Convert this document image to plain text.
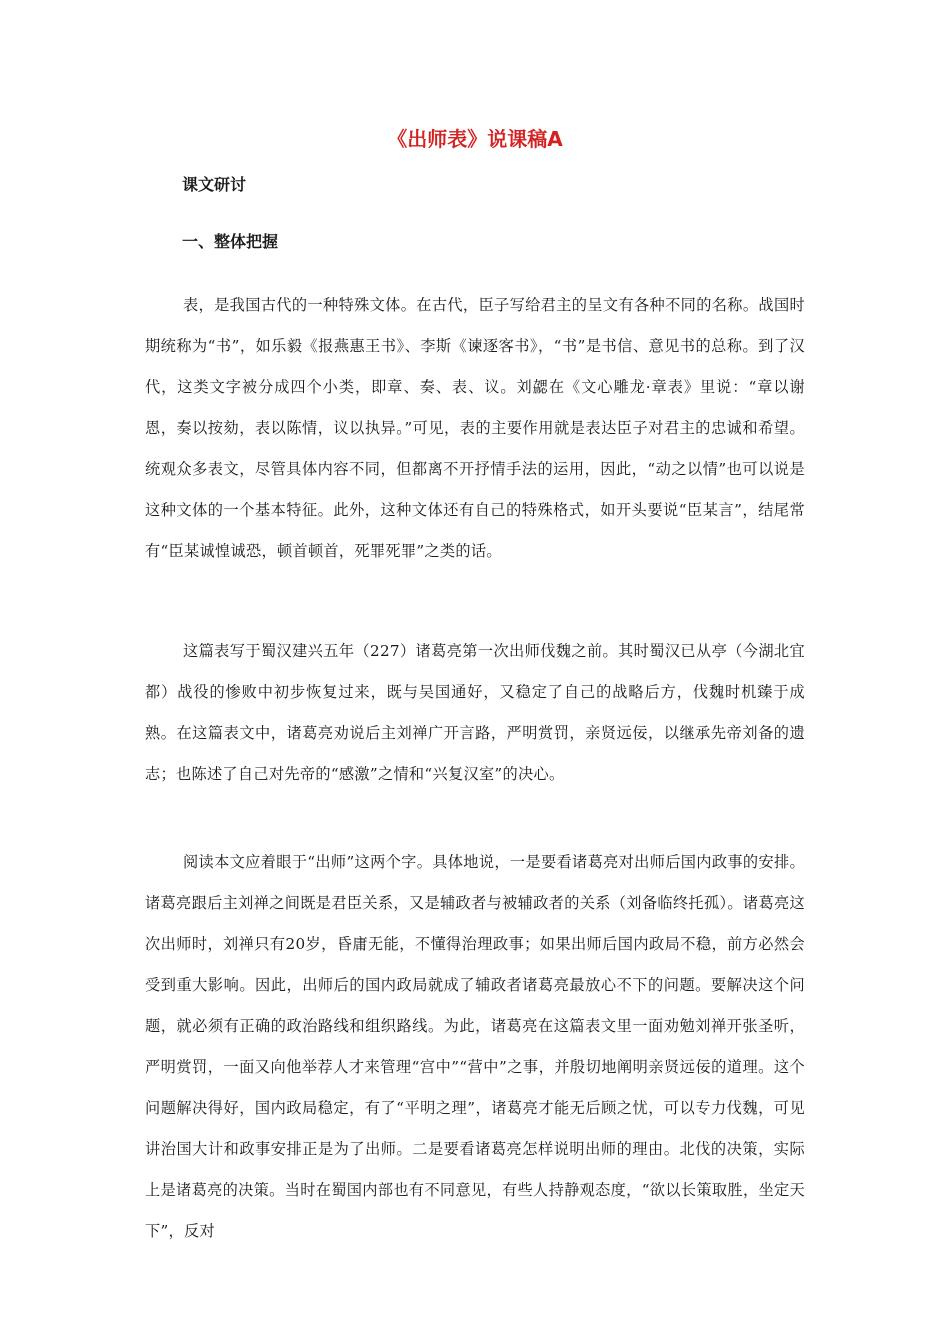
《出师表》说课稿A
课文研讨
一、整体把握

表，是我国古代的一种特殊文体。在古代，臣子写给君主的呈文有各种不同的名称。战国时期统称为“书”，如乐毅《报燕惠王书》、李斯《谏逐客书》，“书”是书信、意见书的总称。到了汉代，这类文字被分成四个小类，即章、奏、表、议。刘勰在《文心雕龙·章表》里说：“章以谢恩，奏以按劾，表以陈情，议以执异。”可见，表的主要作用就是表达臣子对君主的忠诚和希望。统观众多表文，尽管具体内容不同，但都离不开抒情手法的运用，因此，“动之以情”也可以说是这种文体的一个基本特征。此外，这种文体还有自己的特殊格式，如开头要说“臣某言”，结尾常有“臣某诚惶诚恐，顿首顿首，死罪死罪”之类的话。

这篇表写于蜀汉建兴五年（227）诸葛亮第一次出师伐魏之前。其时蜀汉已从亭（今湖北宜都）战役的惨败中初步恢复过来，既与吴国通好，又稳定了自己的战略后方，伐魏时机臻于成熟。在这篇表文中，诸葛亮劝说后主刘禅广开言路，严明赏罚，亲贤远佞，以继承先帝刘备的遗志；也陈述了自己对先帝的“感激”之情和“兴复汉室”的决心。

阅读本文应着眼于“出师”这两个字。具体地说，一是要看诸葛亮对出师后国内政事的安排。诸葛亮跟后主刘禅之间既是君臣关系，又是辅政者与被辅政者的关系（刘备临终托孤）。诸葛亮这次出师时，刘禅只有20岁，昏庸无能，不懂得治理政事；如果出师后国内政局不稳，前方必然会受到重大影响。因此，出师后的国内政局就成了辅政者诸葛亮最放心不下的问题。要解决这个问题，就必须有正确的政治路线和组织路线。为此，诸葛亮在这篇表文里一面劝勉刘禅开张圣听，严明赏罚，一面又向他举荐人才来管理“宫中”“营中”之事，并殷切地阐明亲贤远佞的道理。这个问题解决得好，国内政局稳定，有了“平明之理”，诸葛亮才能无后顾之忧，可以专力伐魏，可见讲治国大计和政事安排正是为了出师。二是要看诸葛亮怎样说明出师的理由。北伐的决策，实际上是诸葛亮的决策。当时在蜀国内部也有不同意见，有些人持静观态度，“欲以长策取胜，坐定天下”，反对
